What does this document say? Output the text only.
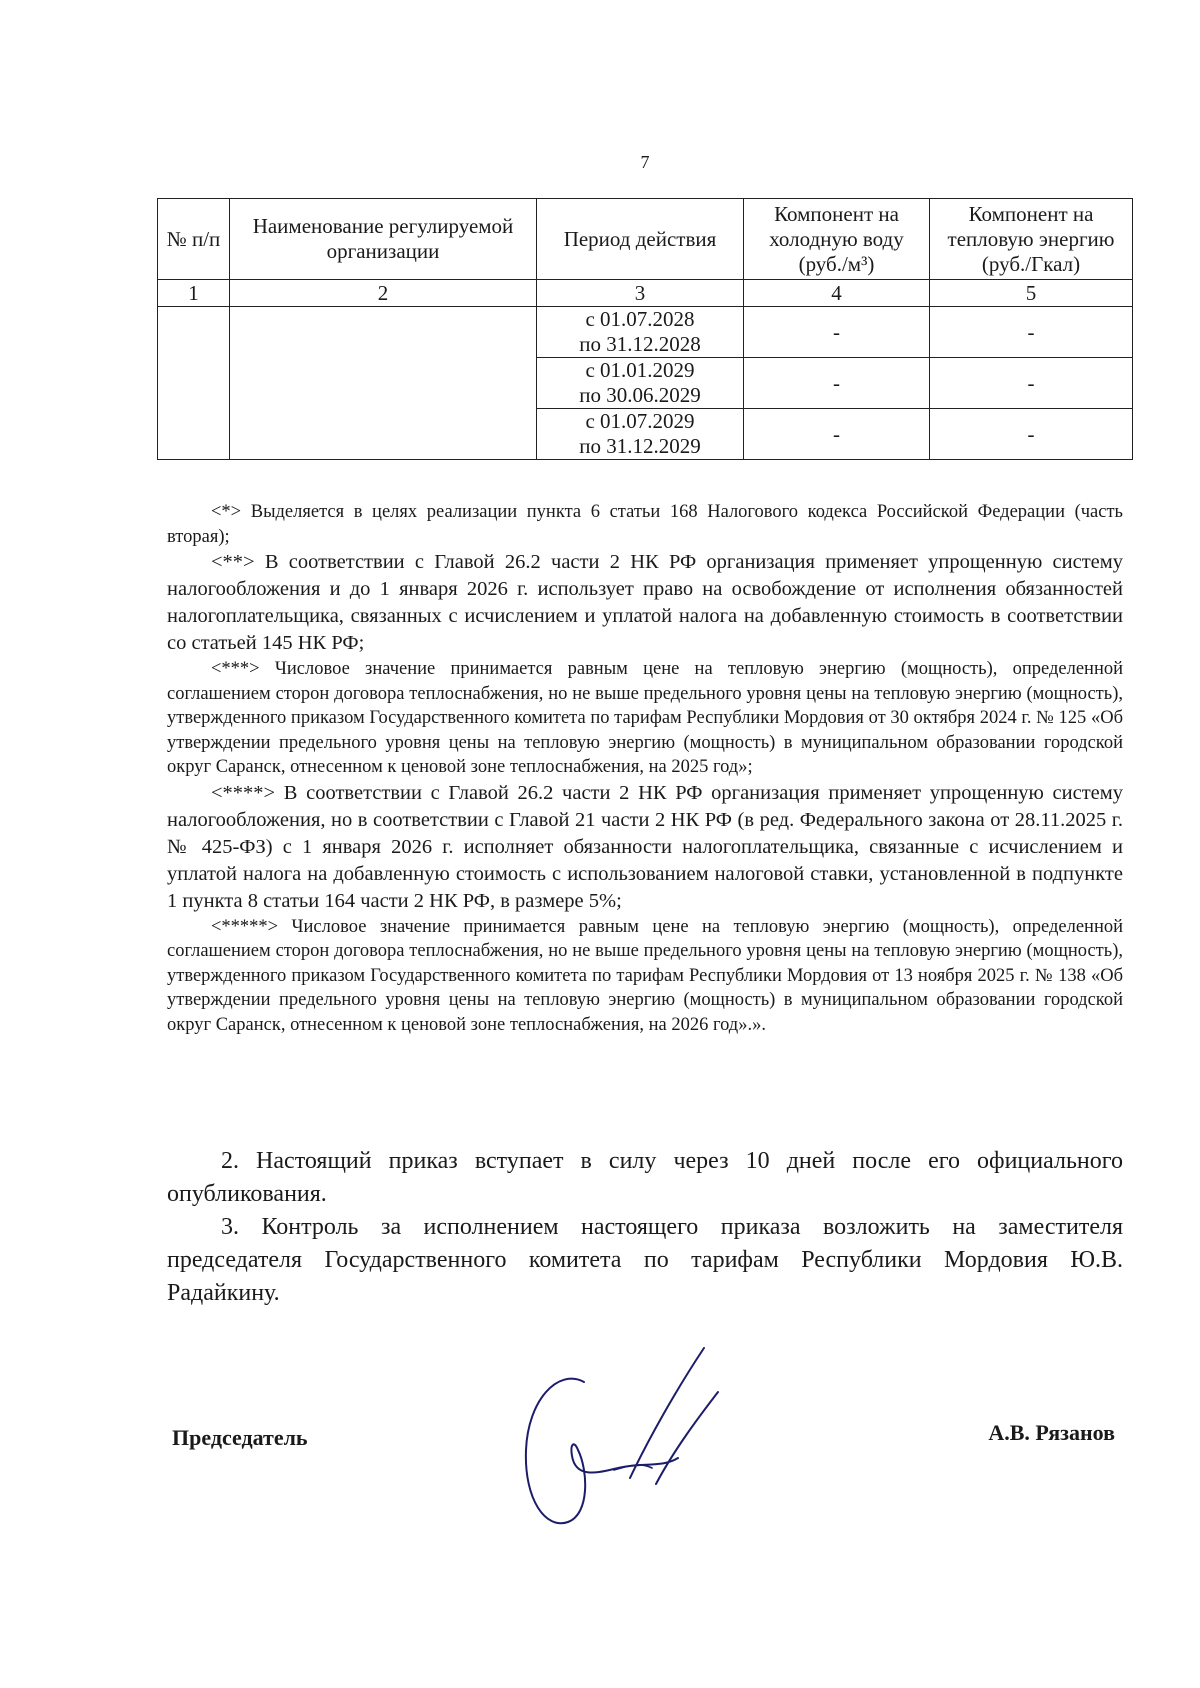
7
№ п/п	Наименование регулируемой организации	Период действия	Компонент на холодную воду (руб./м³)	Компонент на тепловую энергию (руб./Гкал)
1	2	3	4	5

		с 01.07.2028
по 31.12.2028	-	-

		с 01.01.2029
по 30.06.2029	-	-

		с 01.07.2029
по 31.12.2029	-	-

<*> Выделяется в целях реализации пункта 6 статьи 168 Налогового кодекса Российской Федерации (часть вторая);

<**> В соответствии с Главой 26.2 части 2 НК РФ организация применяет упрощенную систему налогообложения и до 1 января 2026 г. использует право на освобождение от исполнения обязанностей налогоплательщика, связанных с исчислением и уплатой налога на добавленную стоимость в соответствии со статьей 145 НК РФ;

<***> Числовое значение принимается равным цене на тепловую энергию (мощность), определенной соглашением сторон договора теплоснабжения, но не выше предельного уровня цены на тепловую энергию (мощность), утвержденного приказом Государственного комитета по тарифам Республики Мордовия от 30 октября 2024 г. № 125 «Об утверждении предельного уровня цены на тепловую энергию (мощность) в муниципальном образовании городской округ Саранск, отнесенном к ценовой зоне теплоснабжения, на 2025 год»;

<****> В соответствии с Главой 26.2 части 2 НК РФ организация применяет упрощенную систему налогообложения, но в соответствии с Главой 21 части 2 НК РФ (в ред. Федерального закона от 28.11.2025 г. № 425-ФЗ) с 1 января 2026 г. исполняет обязанности налогоплательщика, связанные с исчислением и уплатой налога на добавленную стоимость с использованием налоговой ставки, установленной в подпункте 1 пункта 8 статьи 164 части 2 НК РФ, в размере 5%;

<*****> Числовое значение принимается равным цене на тепловую энергию (мощность), определенной соглашением сторон договора теплоснабжения, но не выше предельного уровня цены на тепловую энергию (мощность), утвержденного приказом Государственного комитета по тарифам Республики Мордовия от 13 ноября 2025 г. № 138 «Об утверждении предельного уровня цены на тепловую энергию (мощность) в муниципальном образовании городской округ Саранск, отнесенном к ценовой зоне теплоснабжения, на 2026 год».».

2. Настоящий приказ вступает в силу через 10 дней после его официального опубликования.

3. Контроль за исполнением настоящего приказа возложить на заместителя председателя Государственного комитета по тарифам Республики Мордовия Ю.В. Радайкину.

Председатель	А.В. Рязанов
